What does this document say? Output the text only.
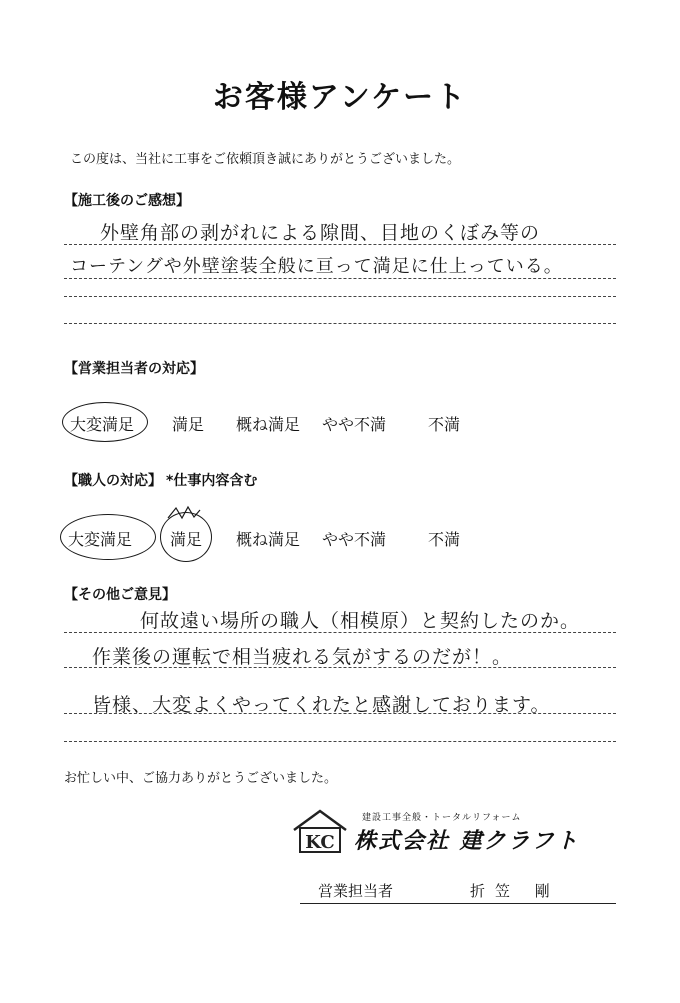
お客様アンケート
この度は、当社に工事をご依頼頂き誠にありがとうございました。
【施工後のご感想】
外壁角部の剥がれによる隙間、目地のくぼみ等の
コーテングや外壁塗装全般に亘って満足に仕上っている。
【営業担当者の対応】
大変満足 満足 概ね満足 やや不満	不満
【職人の対応】 *仕事内容含む
大変満足 満足 概ね満足 やや不満	不満
【その他ご意見】
何故遠い場所の職人（相模原）と契約したのか。
作業後の運転で相当疲れる気がするのだが！。
皆様、大変よくやってくれたと感謝しております。
お忙しい中、ご協力ありがとうございました。
KC
建設工事全般・トータルリフォーム
株式会社 建クラフト
営業担当者	折笠 剛
